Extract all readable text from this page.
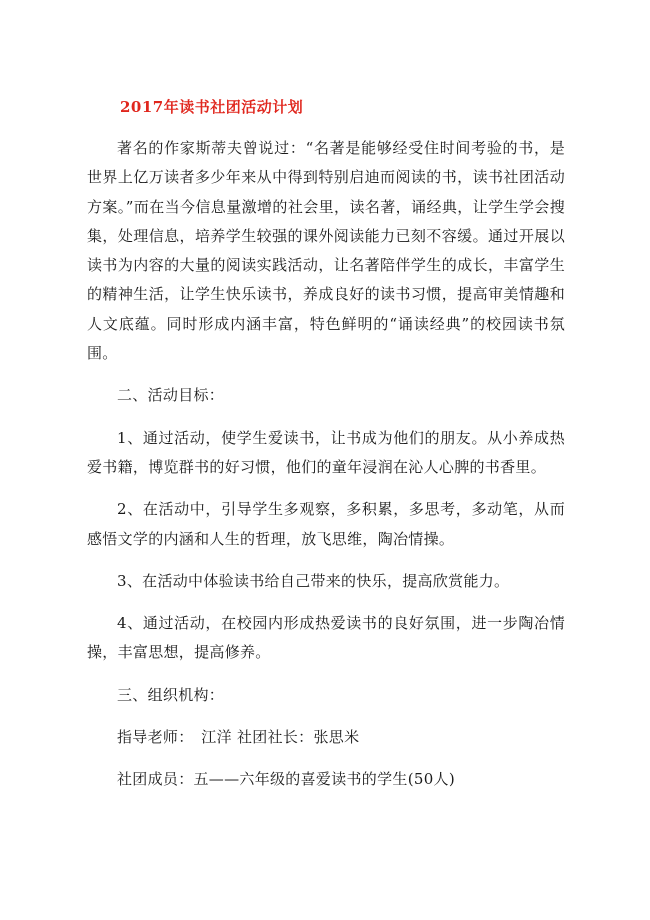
2017年读书社团活动计划

著名的作家斯蒂夫曾说过：“名著是能够经受住时间考验的书，是世界上亿万读者多少年来从中得到特别启迪而阅读的书，读书社团活动方案。”而在当今信息量激增的社会里，读名著，诵经典，让学生学会搜集，处理信息，培养学生较强的课外阅读能力已刻不容缓。通过开展以读书为内容的大量的阅读实践活动，让名著陪伴学生的成长，丰富学生的精神生活，让学生快乐读书，养成良好的读书习惯，提高审美情趣和人文底蕴。同时形成内涵丰富，特色鲜明的“诵读经典”的校园读书氛围。

二、活动目标：

1、通过活动，使学生爱读书，让书成为他们的朋友。从小养成热爱书籍，博览群书的好习惯，他们的童年浸润在沁人心脾的书香里。

2、在活动中，引导学生多观察，多积累，多思考，多动笔，从而感悟文学的内涵和人生的哲理，放飞思维，陶冶情操。

3、在活动中体验读书给自己带来的快乐，提高欣赏能力。

4、通过活动，在校园内形成热爱读书的良好氛围，进一步陶冶情操，丰富思想，提高修养。

三、组织机构：

指导老师：　江洋 社团社长：张思米

社团成员：五——六年级的喜爱读书的学生(50人)
